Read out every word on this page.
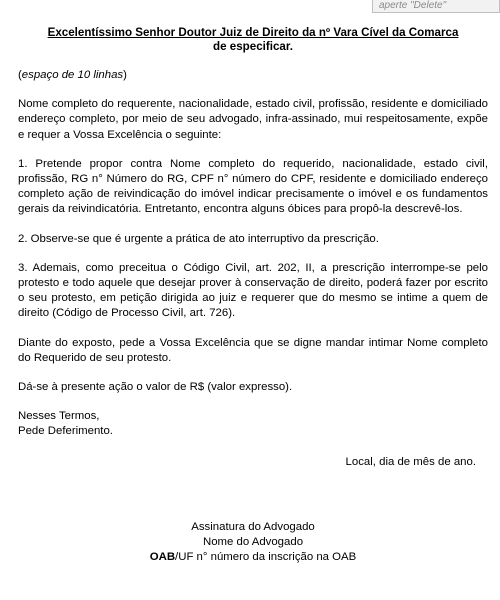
aperte "Delete"
Excelentíssimo Senhor Doutor Juiz de Direito da nº Vara Cível da Comarca
de especificar.
(espaço de 10 linhas)

Nome completo do requerente, nacionalidade, estado civil, profissão, residente e domiciliado endereço completo, por meio de seu advogado, infra-assinado, mui respeitosamente, expõe e requer a Vossa Excelência o seguinte:

1. Pretende propor contra Nome completo do requerido, nacionalidade, estado civil, profissão, RG n° Número do RG, CPF n° número do CPF, residente e domiciliado endereço completo ação de reivindicação do imóvel indicar precisamente o imóvel e os fundamentos gerais da reivindicatória. Entretanto, encontra alguns óbices para propô-la descrevê-los.

2. Observe-se que é urgente a prática de ato interruptivo da prescrição.

3. Ademais, como preceitua o Código Civil, art. 202, II, a prescrição interrompe-se pelo protesto e todo aquele que desejar prover à conservação de direito, poderá fazer por escrito o seu protesto, em petição dirigida ao juiz e requerer que do mesmo se intime a quem de direito (Código de Processo Civil, art. 726).

Diante do exposto, pede a Vossa Excelência que se digne mandar intimar Nome completo do Requerido de seu protesto.

Dá-se à presente ação o valor de R$ (valor expresso).

Nesses Termos,
Pede Deferimento.
Local, dia de mês de ano.
Assinatura do Advogado
Nome do Advogado
OAB/UF n° número da inscrição na OAB
